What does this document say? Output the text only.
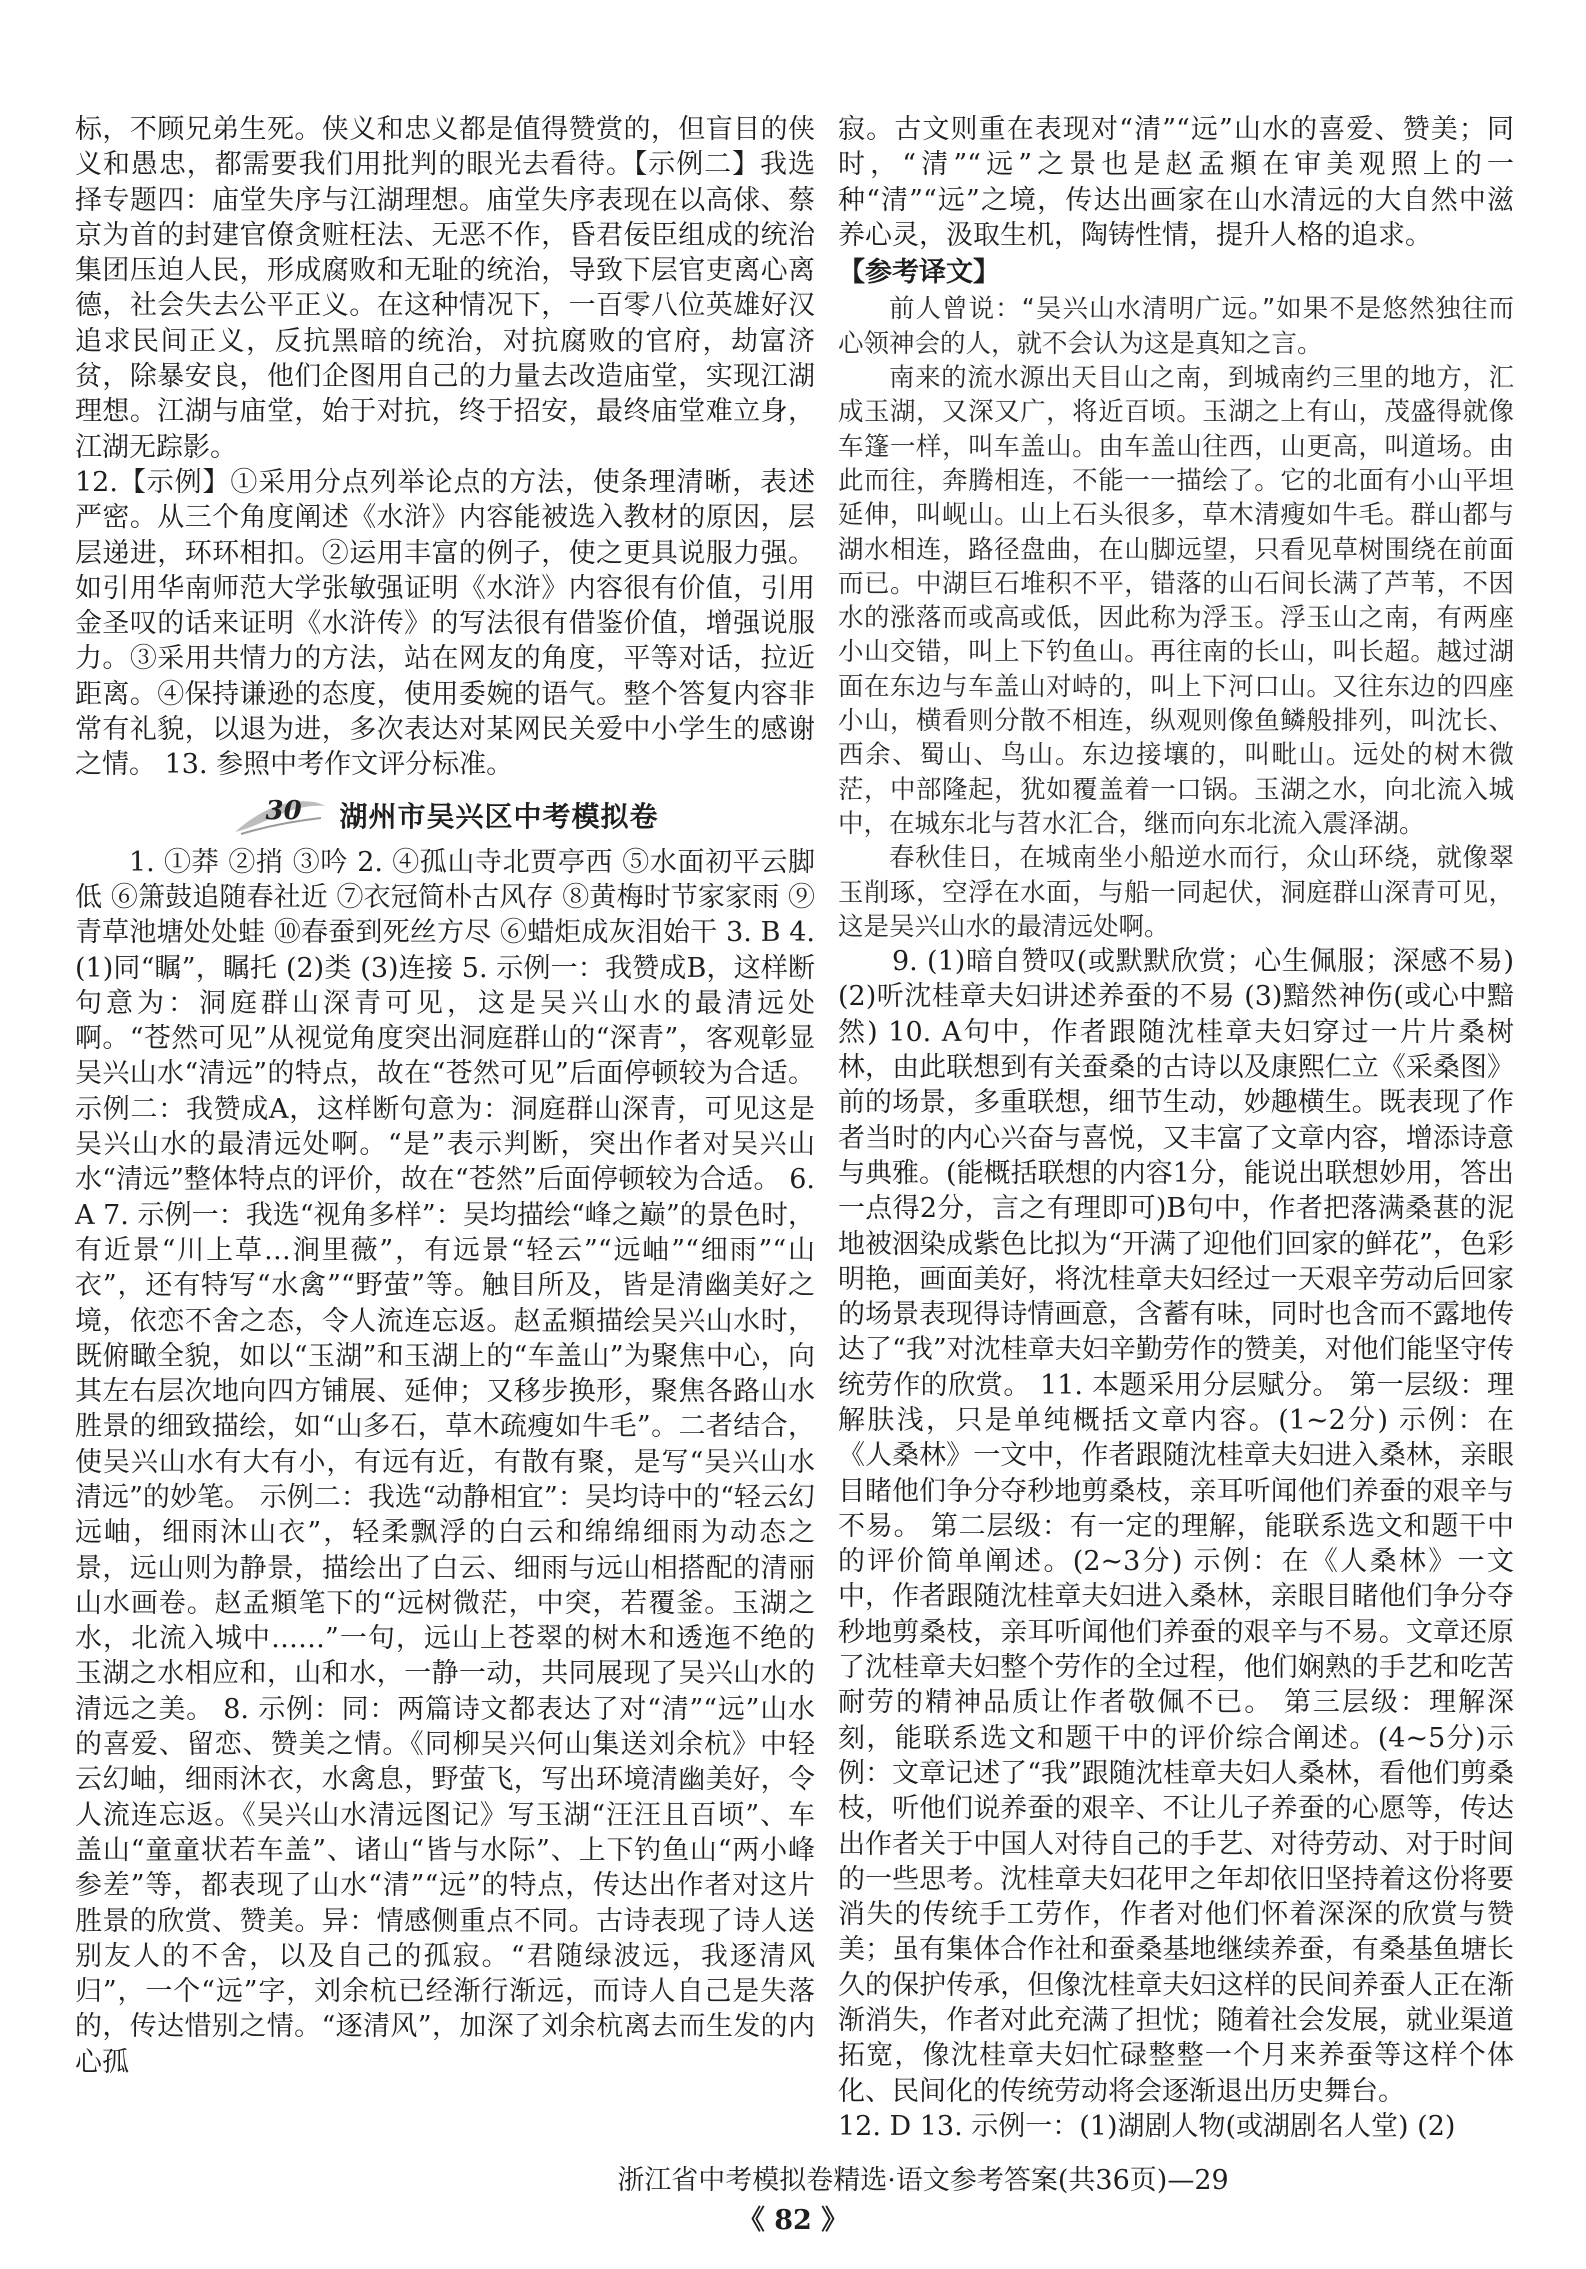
标，不顾兄弟生死。侠义和忠义都是值得赞赏的，但盲目的侠义和愚忠，都需要我们用批判的眼光去看待。【示例二】我选择专题四：庙堂失序与江湖理想。庙堂失序表现在以高俅、蔡京为首的封建官僚贪赃枉法、无恶不作，昏君佞臣组成的统治集团压迫人民，形成腐败和无耻的统治，导致下层官吏离心离德，社会失去公平正义。在这种情况下，一百零八位英雄好汉追求民间正义，反抗黑暗的统治，对抗腐败的官府，劫富济贫，除暴安良，他们企图用自己的力量去改造庙堂，实现江湖理想。江湖与庙堂，始于对抗，终于招安，最终庙堂难立身，江湖无踪影。

12.【示例】①采用分点列举论点的方法，使条理清晰，表述严密。从三个角度阐述《水浒》内容能被选入教材的原因，层层递进，环环相扣。②运用丰富的例子，使之更具说服力强。如引用华南师范大学张敏强证明《水浒》内容很有价值，引用金圣叹的话来证明《水浒传》的写法很有借鉴价值，增强说服力。③采用共情力的方法，站在网友的角度，平等对话，拉近距离。④保持谦逊的态度，使用委婉的语气。整个答复内容非常有礼貌，以退为进，多次表达对某网民关爱中小学生的感谢之情。 13. 参照中考作文评分标准。

30 湖州市吴兴区中考模拟卷

1. ①莽 ②捎 ③吟 2. ④孤山寺北贾亭西 ⑤水面初平云脚低 ⑥箫鼓追随春社近 ⑦衣冠简朴古风存 ⑧黄梅时节家家雨 ⑨青草池塘处处蛙 ⑩春蚕到死丝方尽 ⑥蜡炬成灰泪始干 3. B 4. (1)同“瞩”，瞩托 (2)类 (3)连接 5. 示例一：我赞成B，这样断句意为：洞庭群山深青可见，这是吴兴山水的最清远处啊。“苍然可见”从视觉角度突出洞庭群山的“深青”，客观彰显吴兴山水“清远”的特点，故在“苍然可见”后面停顿较为合适。 示例二：我赞成A，这样断句意为：洞庭群山深青，可见这是吴兴山水的最清远处啊。“是”表示判断，突出作者对吴兴山水“清远”整体特点的评价，故在“苍然”后面停顿较为合适。 6. A 7. 示例一：我选“视角多样”：吴均描绘“峰之巅”的景色时，有近景“川上草…涧里薇”，有远景“轻云”“远岫”“细雨”“山衣”，还有特写“水禽”“野萤”等。触目所及，皆是清幽美好之境，依恋不舍之态，令人流连忘返。赵孟頫描绘吴兴山水时，既俯瞰全貌，如以“玉湖”和玉湖上的“车盖山”为聚焦中心，向其左右层次地向四方铺展、延伸；又移步换形，聚焦各路山水胜景的细致描绘，如“山多石，草木疏瘦如牛毛”。二者结合，使吴兴山水有大有小，有远有近，有散有聚，是写“吴兴山水清远”的妙笔。 示例二：我选“动静相宜”：吴均诗中的“轻云幻远岫，细雨沐山衣”，轻柔飘浮的白云和绵绵细雨为动态之景，远山则为静景，描绘出了白云、细雨与远山相搭配的清丽山水画卷。赵孟頫笔下的“远树微茫，中突，若覆釜。玉湖之水，北流入城中……”一句，远山上苍翠的树木和透迤不绝的玉湖之水相应和，山和水，一静一动，共同展现了吴兴山水的清远之美。 8. 示例：同：两篇诗文都表达了对“清”“远”山水的喜爱、留恋、赞美之情。《同柳吴兴何山集送刘余杭》中轻云幻岫，细雨沐衣，水禽息，野萤飞，写出环境清幽美好，令人流连忘返。《吴兴山水清远图记》写玉湖“汪汪且百顷”、车盖山“童童状若车盖”、诸山“皆与水际”、上下钓鱼山“两小峰参差”等，都表现了山水“清”“远”的特点，传达出作者对这片胜景的欣赏、赞美。异：情感侧重点不同。古诗表现了诗人送别友人的不舍，以及自己的孤寂。“君随绿波远，我逐清风归”，一个“远”字，刘余杭已经渐行渐远，而诗人自己是失落的，传达惜别之情。“逐清风”，加深了刘余杭离去而生发的内心孤

寂。古文则重在表现对“清”“远”山水的喜爱、赞美；同时，“清”“远”之景也是赵孟頫在审美观照上的一种“清”“远”之境，传达出画家在山水清远的大自然中滋养心灵，汲取生机，陶铸性情，提升人格的追求。

【参考译文】

前人曾说：“吴兴山水清明广远。”如果不是悠然独往而心领神会的人，就不会认为这是真知之言。

南来的流水源出天目山之南，到城南约三里的地方，汇成玉湖，又深又广，将近百顷。玉湖之上有山，茂盛得就像车篷一样，叫车盖山。由车盖山往西，山更高，叫道场。由此而往，奔腾相连，不能一一描绘了。它的北面有小山平坦延伸，叫岘山。山上石头很多，草木清瘦如牛毛。群山都与湖水相连，路径盘曲，在山脚远望，只看见草树围绕在前面而已。中湖巨石堆积不平，错落的山石间长满了芦苇，不因水的涨落而或高或低，因此称为浮玉。浮玉山之南，有两座小山交错，叫上下钓鱼山。再往南的长山，叫长超。越过湖面在东边与车盖山对峙的，叫上下河口山。又往东边的四座小山，横看则分散不相连，纵观则像鱼鳞般排列，叫沈长、西余、蜀山、鸟山。东边接壤的，叫毗山。远处的树木微茫，中部隆起，犹如覆盖着一口锅。玉湖之水，向北流入城中，在城东北与苕水汇合，继而向东北流入震泽湖。

春秋佳日，在城南坐小船逆水而行，众山环绕，就像翠玉削琢，空浮在水面，与船一同起伏，洞庭群山深青可见，这是吴兴山水的最清远处啊。

9. (1)暗自赞叹(或默默欣赏；心生佩服；深感不易) (2)听沈桂章夫妇讲述养蚕的不易 (3)黯然神伤(或心中黯然) 10. A句中，作者跟随沈桂章夫妇穿过一片片桑树林，由此联想到有关蚕桑的古诗以及康熙仁立《采桑图》前的场景，多重联想，细节生动，妙趣横生。既表现了作者当时的内心兴奋与喜悦，又丰富了文章内容，增添诗意与典雅。(能概括联想的内容1分，能说出联想妙用，答出一点得2分，言之有理即可)B句中，作者把落满桑葚的泥地被洇染成紫色比拟为“开满了迎他们回家的鲜花”，色彩明艳，画面美好，将沈桂章夫妇经过一天艰辛劳动后回家的场景表现得诗情画意，含蓄有味，同时也含而不露地传达了“我”对沈桂章夫妇辛勤劳作的赞美，对他们能坚守传统劳作的欣赏。 11. 本题采用分层赋分。 第一层级：理解肤浅，只是单纯概括文章内容。(1~2分) 示例：在《人桑林》一文中，作者跟随沈桂章夫妇进入桑林，亲眼目睹他们争分夺秒地剪桑枝，亲耳听闻他们养蚕的艰辛与不易。 第二层级：有一定的理解，能联系选文和题干中的评价简单阐述。(2~3分) 示例：在《人桑林》一文中，作者跟随沈桂章夫妇进入桑林，亲眼目睹他们争分夺秒地剪桑枝，亲耳听闻他们养蚕的艰辛与不易。文章还原了沈桂章夫妇整个劳作的全过程，他们娴熟的手艺和吃苦耐劳的精神品质让作者敬佩不已。 第三层级：理解深刻，能联系选文和题干中的评价综合阐述。(4~5分)示例：文章记述了“我”跟随沈桂章夫妇人桑林，看他们剪桑枝，听他们说养蚕的艰辛、不让儿子养蚕的心愿等，传达出作者关于中国人对待自己的手艺、对待劳动、对于时间的一些思考。沈桂章夫妇花甲之年却依旧坚持着这份将要消失的传统手工劳作，作者对他们怀着深深的欣赏与赞美；虽有集体合作社和蚕桑基地继续养蚕，有桑基鱼塘长久的保护传承，但像沈桂章夫妇这样的民间养蚕人正在渐渐消失，作者对此充满了担忧；随着社会发展，就业渠道拓宽，像沈桂章夫妇忙碌整整一个月来养蚕等这样个体化、民间化的传统劳动将会逐渐退出历史舞台。

12. D 13. 示例一：(1)湖剧人物(或湖剧名人堂) (2)

浙江省中考模拟卷精选·语文参考答案(共36页)—29
《 82 》
